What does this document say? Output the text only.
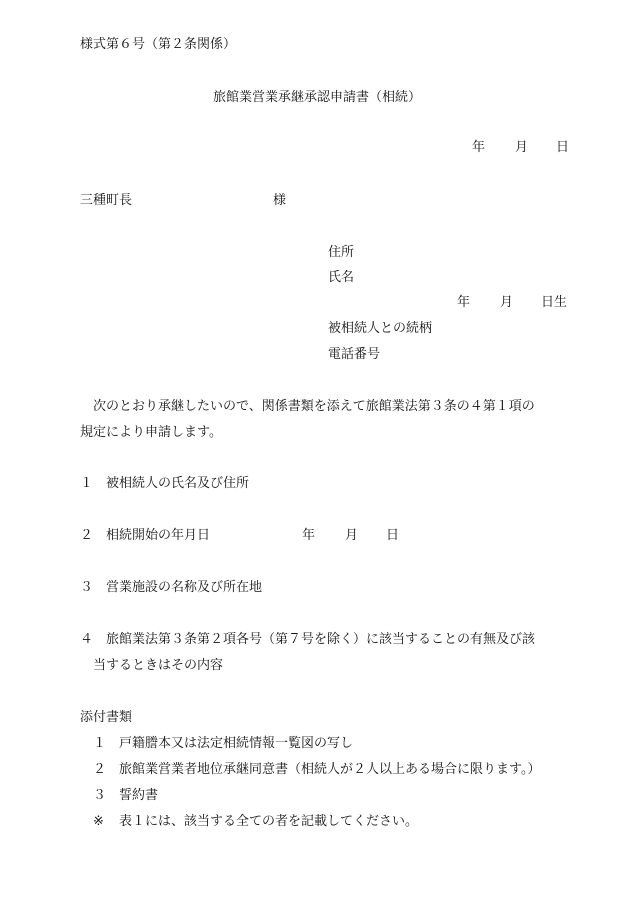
様式第６号（第２条関係）
旅館業営業承継承認申請書（相続）
年 月 日
三種町長	様
住所
氏名
年 月 日生
被相続人との続柄
電話番号
次のとおり承継したいので、関係書類を添えて旅館業法第３条の４第１項の
規定により申請します。
１ 被相続人の氏名及び住所
２ 相続開始の年月日	年 月 日
３ 営業施設の名称及び所在地
４ 旅館業法第３条第２項各号（第７号を除く）に該当することの有無及び該
当するときはその内容
添付書類
１ 戸籍謄本又は法定相続情報一覧図の写し
２ 旅館業営業者地位承継同意書（相続人が２人以上ある場合に限ります。）
３ 誓約書
※ 表１には、該当する全ての者を記載してください。
